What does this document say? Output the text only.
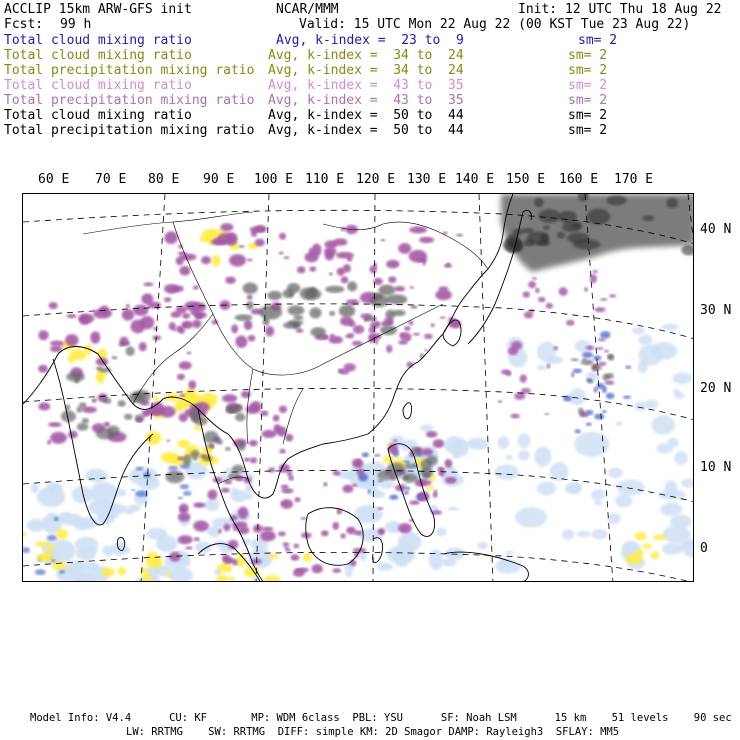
ACCLIP 15km ARW-GFS init	NCAR/MMM	Init: 12 UTC Thu 18 Aug 22
Fcst: 99 h	Valid: 15 UTC Mon 22 Aug 22 (00 KST Tue 23 Aug 22)
Total cloud mixing ratio	Avg, k-index =  23 to  9	sm= 2
Total cloud mixing ratio	Avg, k-index =  34 to  24	sm= 2
Total precipitation mixing ratio Avg, k-index =  34 to  24	sm= 2
Total cloud mixing ratio	Avg, k-index =  43 to  35	sm= 2
Total precipitation mixing ratio Avg, k-index =  43 to  35	sm= 2
Total cloud mixing ratio	Avg, k-index =  50 to  44	sm= 2
Total precipitation mixing ratio Avg, k-index =  50 to  44	sm= 2
60 E 70 E 80 E 90 E 100 E 110 E 120 E 130 E 140 E 150 E 160 E 170 E
40 N
30 N
20 N
10 N
0
Model Info: V4.4      CU: KF       MP: WDM 6class  PBL: YSU      SF: Noah LSM      15 km    51 levels    90 sec
LW: RRTMG    SW: RRTMG  DIFF: simple KM: 2D Smagor DAMP: Rayleigh3  SFLAY: MM5
